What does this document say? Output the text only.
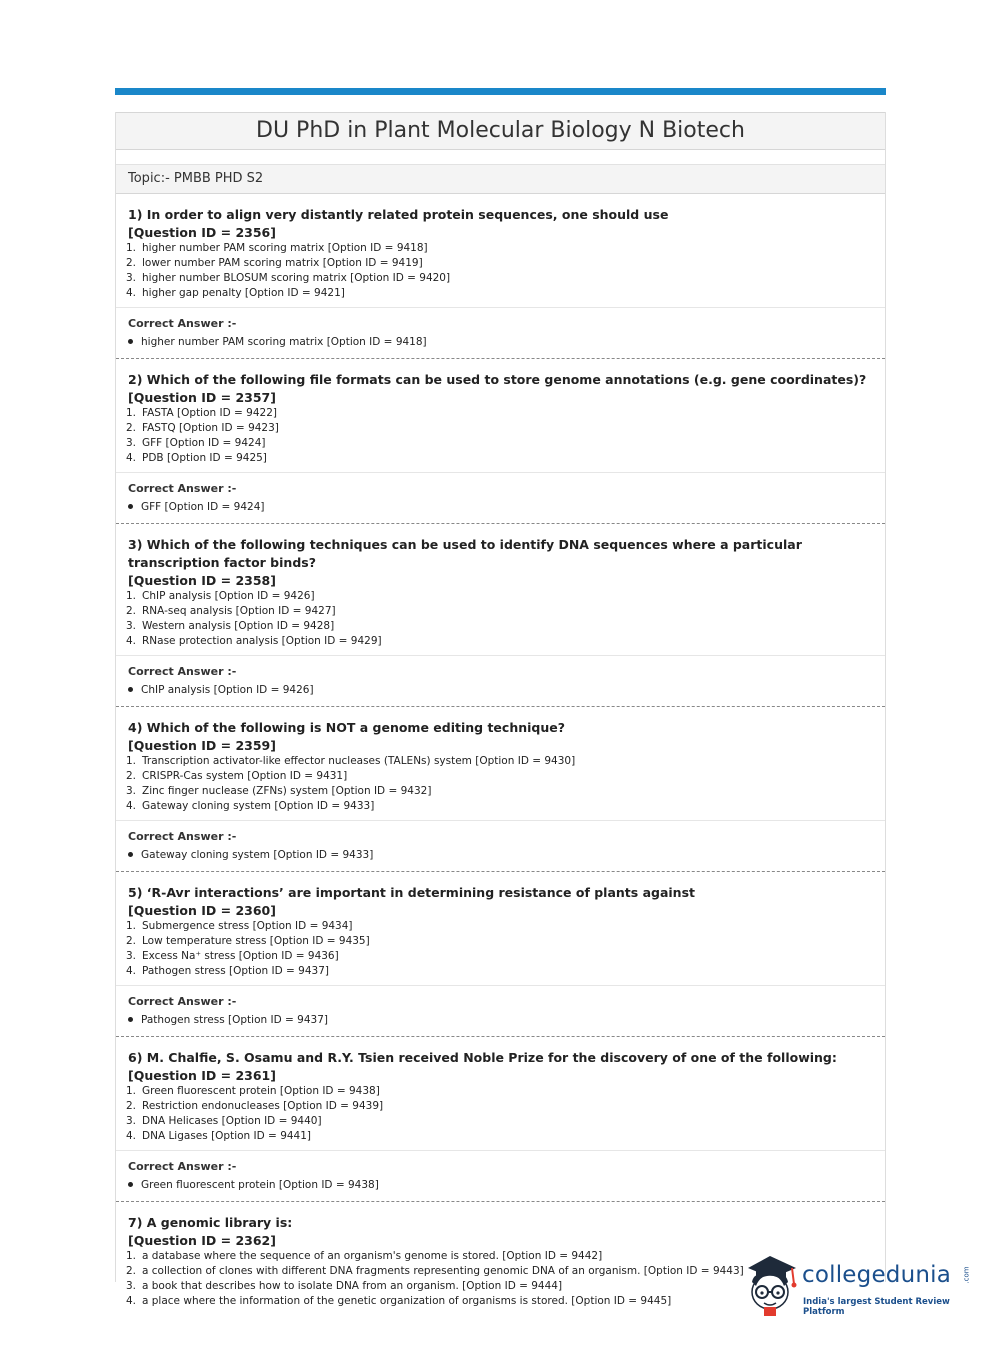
DU PhD in Plant Molecular Biology N Biotech
Topic:- PMBB PHD S2
1) In order to align very distantly related protein sequences, one should use
[Question ID = 2356]
1. higher number PAM scoring matrix [Option ID = 9418]
2. lower number PAM scoring matrix [Option ID = 9419]
3. higher number BLOSUM scoring matrix [Option ID = 9420]
4. higher gap penalty [Option ID = 9421]
Correct Answer :-
higher number PAM scoring matrix [Option ID = 9418]
2) Which of the following file formats can be used to store genome annotations (e.g. gene coordinates)?
[Question ID = 2357]
1. FASTA [Option ID = 9422]
2. FASTQ [Option ID = 9423]
3. GFF [Option ID = 9424]
4. PDB [Option ID = 9425]
Correct Answer :-
GFF [Option ID = 9424]
3) Which of the following techniques can be used to identify DNA sequences where a particular transcription factor binds?
[Question ID = 2358]
1. ChIP analysis [Option ID = 9426]
2. RNA-seq analysis [Option ID = 9427]
3. Western analysis [Option ID = 9428]
4. RNase protection analysis [Option ID = 9429]
Correct Answer :-
ChIP analysis [Option ID = 9426]
4) Which of the following is NOT a genome editing technique?
[Question ID = 2359]
1. Transcription activator-like effector nucleases (TALENs) system [Option ID = 9430]
2. CRISPR-Cas system [Option ID = 9431]
3. Zinc finger nuclease (ZFNs) system [Option ID = 9432]
4. Gateway cloning system [Option ID = 9433]
Correct Answer :-
Gateway cloning system [Option ID = 9433]
5) ‘R-Avr interactions’ are important in determining resistance of plants against
[Question ID = 2360]
1. Submergence stress [Option ID = 9434]
2. Low temperature stress [Option ID = 9435]
3. Excess Na⁺ stress [Option ID = 9436]
4. Pathogen stress [Option ID = 9437]
Correct Answer :-
Pathogen stress [Option ID = 9437]
6) M. Chalfie, S. Osamu and R.Y. Tsien received Noble Prize for the discovery of one of the following:
[Question ID = 2361]
1. Green fluorescent protein [Option ID = 9438]
2. Restriction endonucleases [Option ID = 9439]
3. DNA Helicases [Option ID = 9440]
4. DNA Ligases [Option ID = 9441]
Correct Answer :-
Green fluorescent protein [Option ID = 9438]
7) A genomic library is:
[Question ID = 2362]
1. a database where the sequence of an organism's genome is stored. [Option ID = 9442]
2. a collection of clones with different DNA fragments representing genomic DNA of an organism. [Option ID = 9443]
3. a book that describes how to isolate DNA from an organism. [Option ID = 9444]
4. a place where the information of the genetic organization of organisms is stored. [Option ID = 9445]
collegedunia .com
India's largest Student Review Platform
